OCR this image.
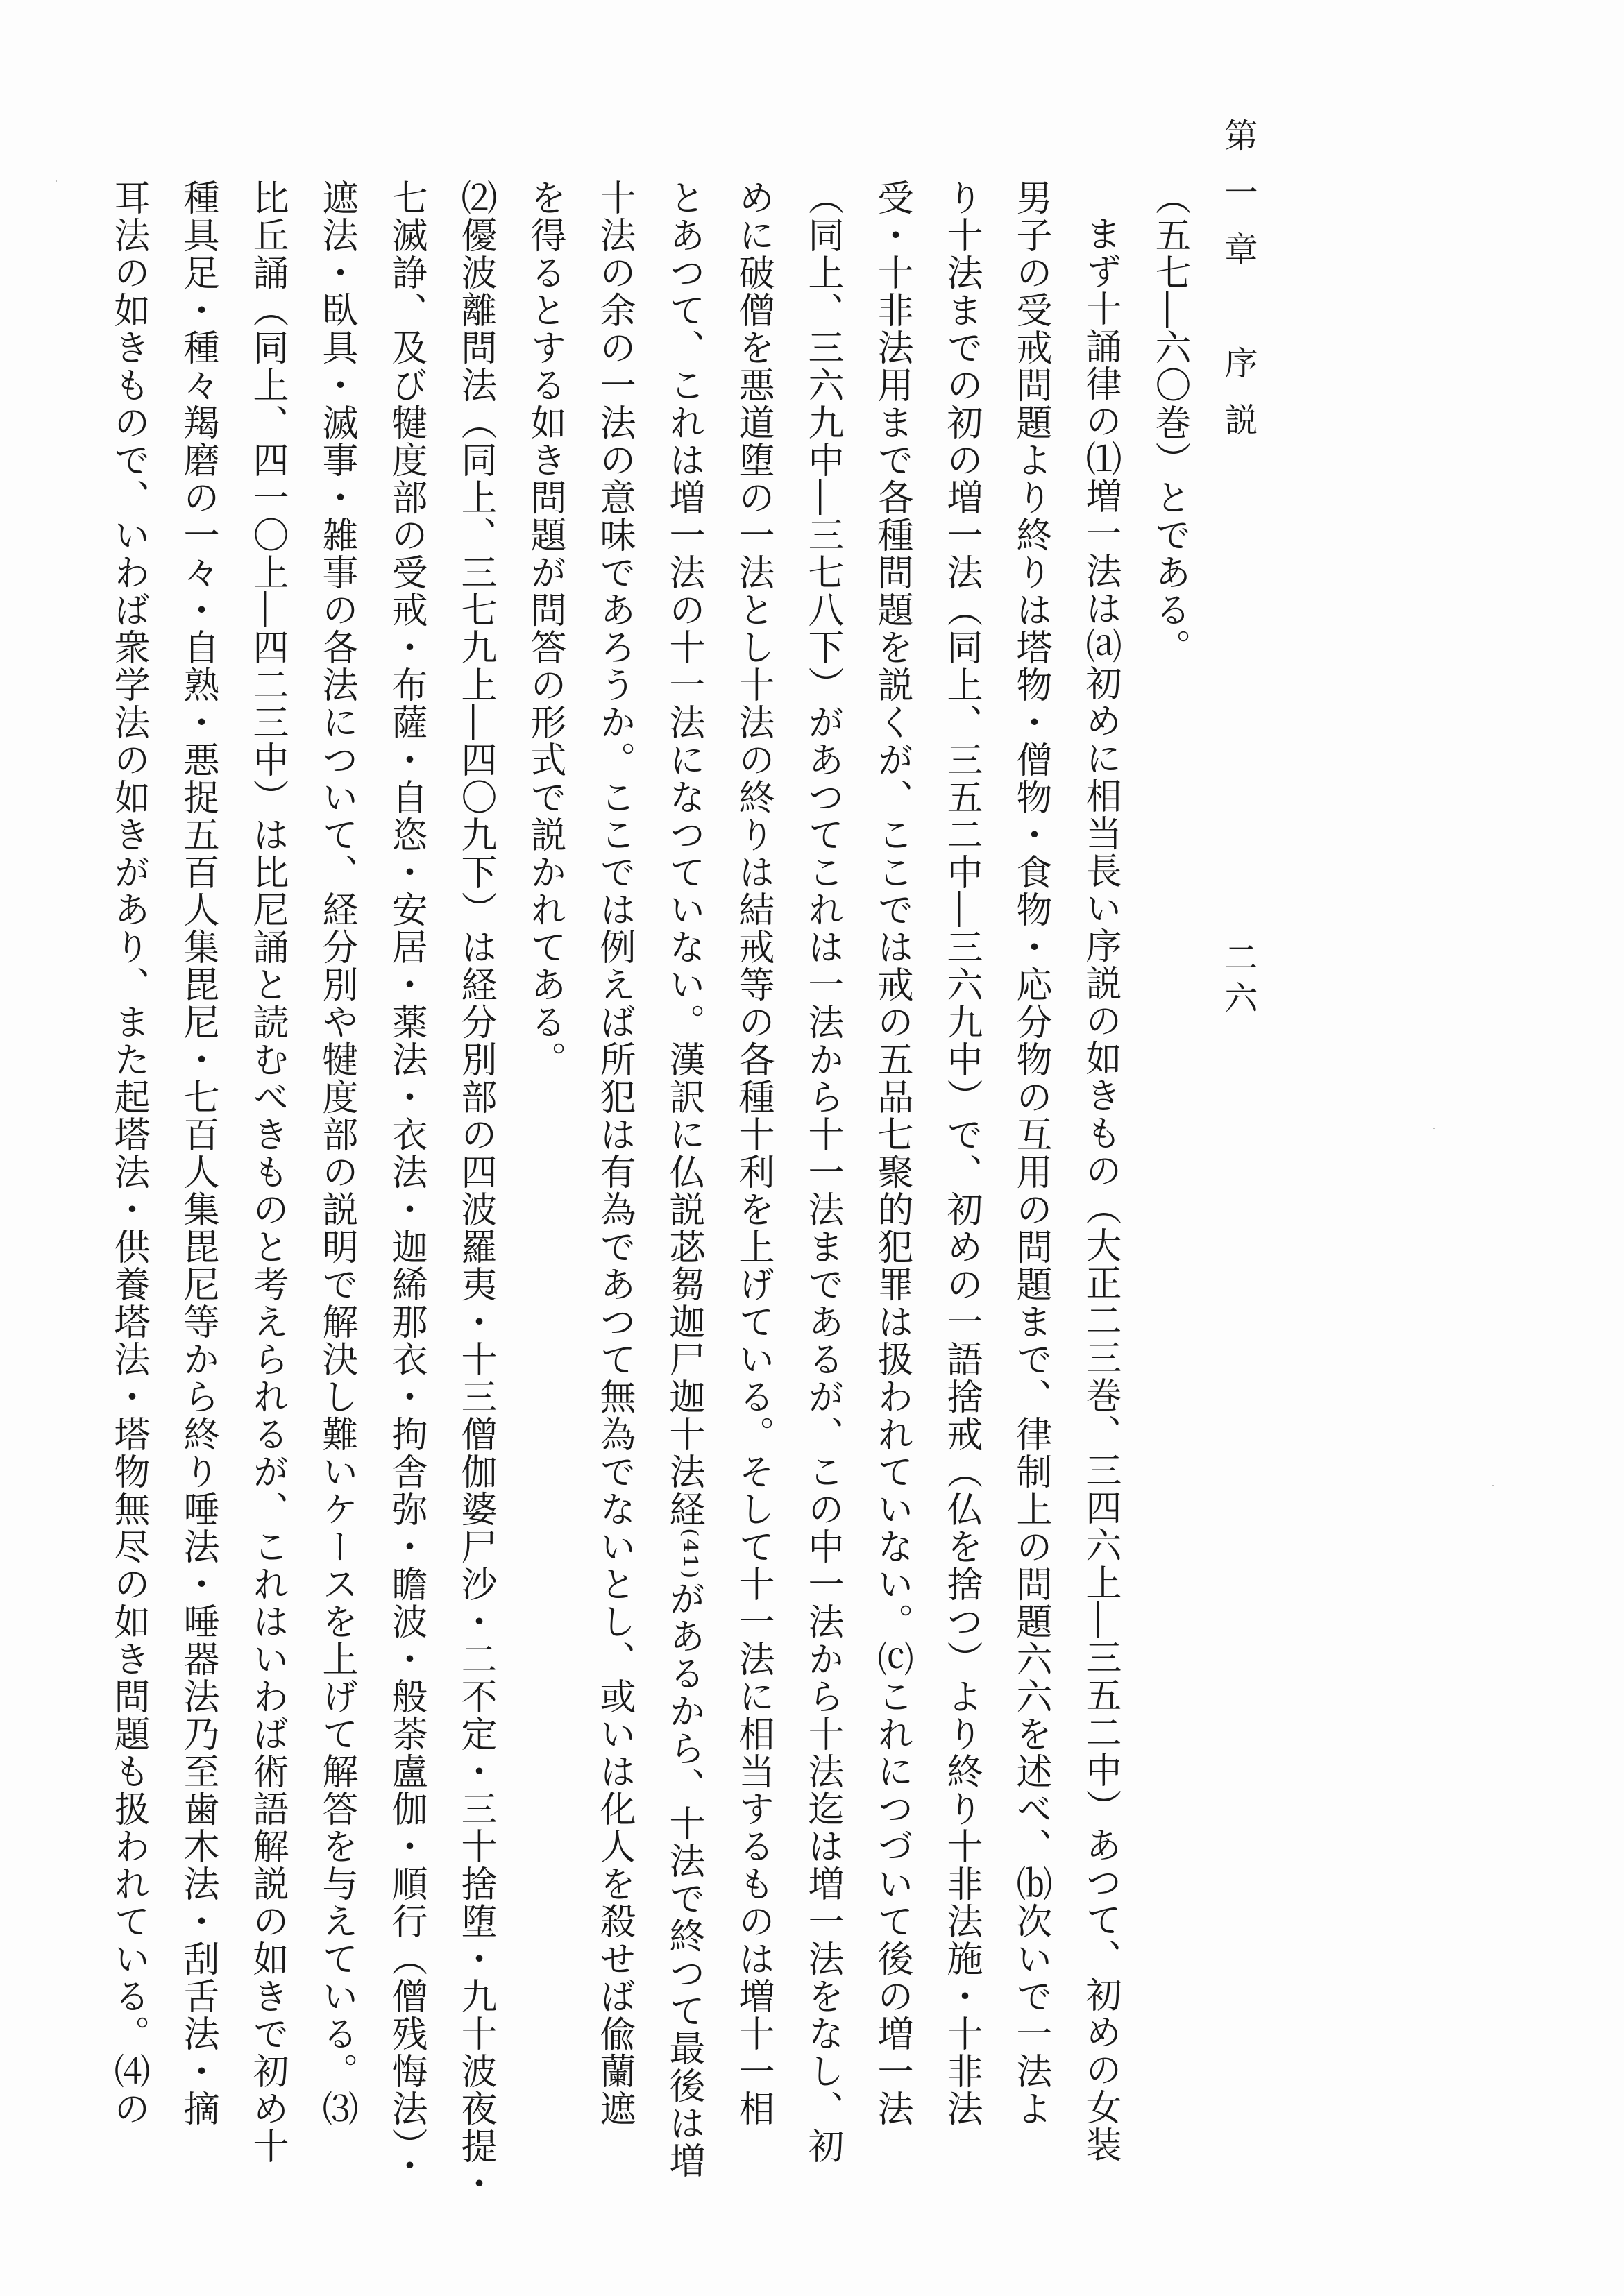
第一章　序説
二六
（五七―六〇巻）とである。
まず十誦律の⑴増一法は⒜初めに相当長い序説の如きもの（大正二三巻、三四六上―三五二中）あつて、初めの女装
男子の受戒問題より終りは塔物・僧物・食物・応分物の互用の問題まで、律制上の問題六六を述べ、⒝次いで一法よ
り十法までの初の増一法（同上、三五二中―三六九中）で、初めの一語捨戒（仏を捨つ）より終り十非法施・十非法
受・十非法用まで各種問題を説くが、ここでは戒の五品七聚的犯罪は扱われていない。⒞これにつづいて後の増一法
（同上、三六九中―三七八下）があつてこれは一法から十一法まであるが、この中一法から十法迄は増一法をなし、初
めに破僧を悪道堕の一法とし十法の終りは結戒等の各種十利を上げている。そして十一法に相当するものは増十一相
とあつて、これは増一法の十一法になつていない。漢訳に仏説苾芻迦尸迦十法経⁽⁴¹⁾があるから、十法で終つて最後は増
十法の余の一法の意味であろうか。ここでは例えば所犯は有為であつて無為でないとし、或いは化人を殺せば偸蘭遮
を得るとする如き問題が問答の形式で説かれてある。
⑵優波離問法（同上、三七九上―四〇九下）は経分別部の四波羅夷・十三僧伽婆尸沙・二不定・三十捨堕・九十波夜提・
七滅諍、及び犍度部の受戒・布薩・自恣・安居・薬法・衣法・迦絺那衣・拘舎弥・瞻波・般荼盧伽・順行（僧残悔法）・
遮法・臥具・滅事・雑事の各法について、経分別や犍度部の説明で解決し難いケースを上げて解答を与えている。⑶
比丘誦（同上、四一〇上―四二三中）は比尼誦と読むべきものと考えられるが、これはいわば術語解説の如きで初め十
種具足・種々羯磨の一々・自熟・悪捉五百人集毘尼・七百人集毘尼等から終り唾法・唾器法乃至歯木法・刮舌法・摘
耳法の如きもので、いわば衆学法の如きがあり、また起塔法・供養塔法・塔物無尽の如き問題も扱われている。⑷の
